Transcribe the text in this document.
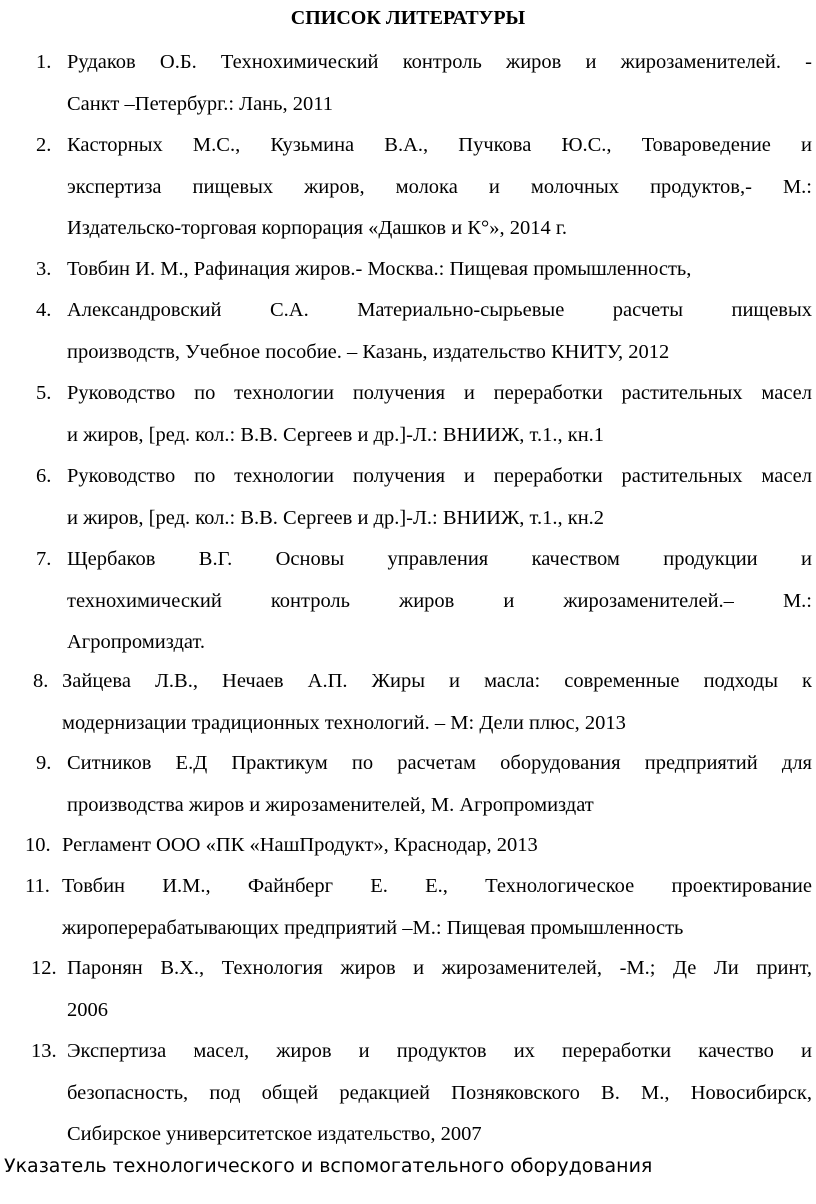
СПИСОК ЛИТЕРАТУРЫ
1. Рудаков О.Б. Технохимический контроль жиров и жирозаменителей. -
Санкт –Петербург.: Лань, 2011
2. Касторных М.С., Кузьмина В.А., Пучкова Ю.С., Товароведение и
экспертиза пищевых жиров, молока и молочных продуктов,- М.:
Издательско-торговая корпорация «Дашков и К°», 2014 г.
3. Товбин И. М., Рафинация жиров.- Москва.: Пищевая промышленность,
4. Александровский С.А. Материально-сырьевые расчеты пищевых
производств, Учебное пособие. – Казань, издательство КНИТУ, 2012
5. Руководство по технологии получения и переработки растительных масел
и жиров, [ред. кол.: В.В. Сергеев и др.]-Л.: ВНИИЖ, т.1., кн.1
6. Руководство по технологии получения и переработки растительных масел
и жиров, [ред. кол.: В.В. Сергеев и др.]-Л.: ВНИИЖ, т.1., кн.2
7. Щербаков В.Г. Основы управления качеством продукции и
технохимический контроль жиров и жирозаменителей.– М.:
Агропромиздат.
8. Зайцева Л.В., Нечаев А.П. Жиры и масла: современные подходы к
модернизации традиционных технологий. – М: Дели плюс, 2013
9. Ситников Е.Д Практикум по расчетам оборудования предприятий для
производства жиров и жирозаменителей, М. Агропромиздат
10. Регламент ООО «ПК «НашПродукт», Краснодар, 2013
11. Товбин И.М., Файнберг Е. Е., Технологическое проектирование
жироперерабатывающих предприятий –М.: Пищевая промышленность
12. Паронян В.Х., Технология жиров и жирозаменителей, -М.; Де Ли принт,
2006
13. Экспертиза масел, жиров и продуктов их переработки качество и
безопасность, под общей редакцией Позняковского В. М., Новосибирск,
Сибирское университетское издательство, 2007

Указатель технологического и вспомогательного оборудования
